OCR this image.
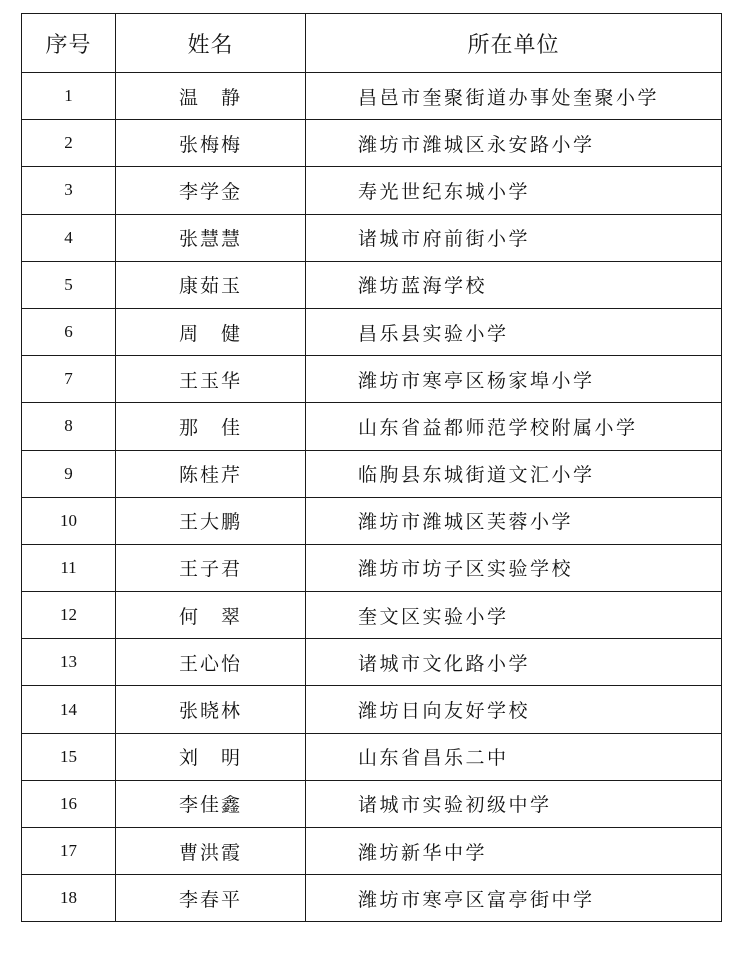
序号	姓名	所在单位
1	温　静	昌邑市奎聚街道办事处奎聚小学
2	张梅梅	潍坊市潍城区永安路小学
3	李学金	寿光世纪东城小学
4	张慧慧	诸城市府前街小学
5	康茹玉	潍坊蓝海学校
6	周　健	昌乐县实验小学
7	王玉华	潍坊市寒亭区杨家埠小学
8	那　佳	山东省益都师范学校附属小学
9	陈桂芹	临朐县东城街道文汇小学
10	王大鹏	潍坊市潍城区芙蓉小学
11	王子君	潍坊市坊子区实验学校
12	何　翠	奎文区实验小学
13	王心怡	诸城市文化路小学
14	张晓林	潍坊日向友好学校
15	刘　明	山东省昌乐二中
16	李佳鑫	诸城市实验初级中学
17	曹洪霞	潍坊新华中学
18	李春平	潍坊市寒亭区富亭街中学
